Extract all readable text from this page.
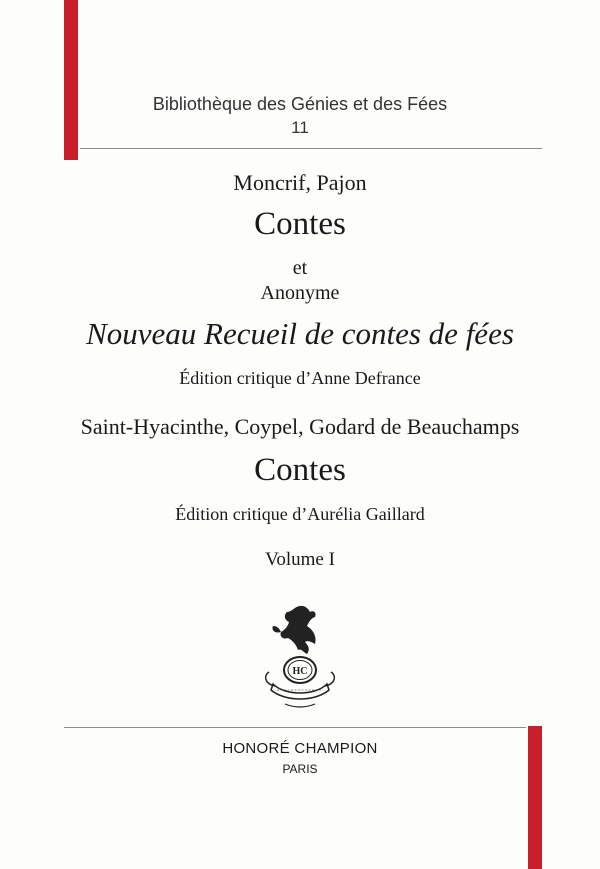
Bibliothèque des Génies et des Fées
11
Moncrif, Pajon
Contes
et
Anonyme
Nouveau Recueil de contes de fées
Édition critique d’Anne Defrance
Saint-Hyacinthe, Coypel, Godard de Beauchamps
Contes
Édition critique d’Aurélia Gaillard
Volume I
HC
HONORÉ CHAMPION
PARIS
